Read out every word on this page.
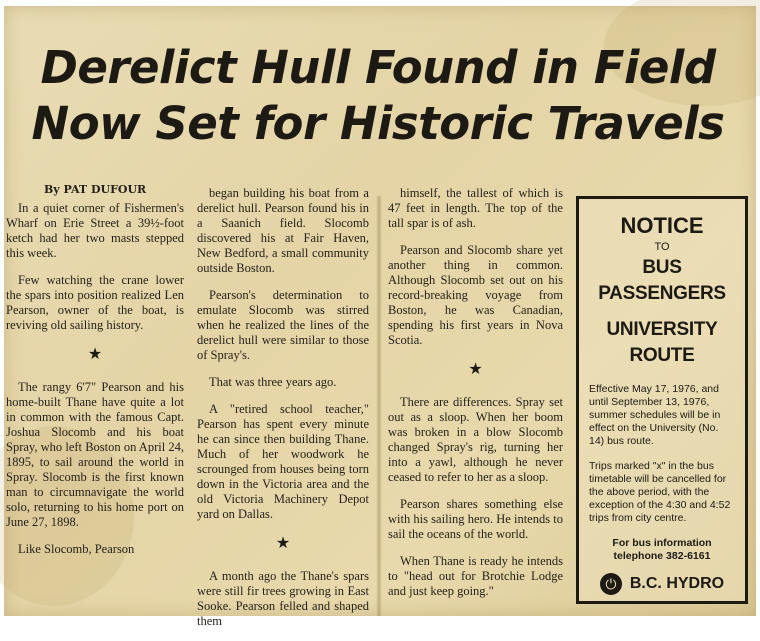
Derelict Hull Found in Field
Now Set for Historic Travels

By PAT DUFOUR

In a quiet corner of Fishermen's Wharf on Erie Street a 39½-foot ketch had her two masts stepped this week.

Few watching the crane lower the spars into position realized Len Pearson, owner of the boat, is reviving old sailing history.

★

The rangy 6'7" Pearson and his home-built Thane have quite a lot in common with the famous Capt. Joshua Slocomb and his boat Spray, who left Boston on April 24, 1895, to sail around the world in Spray. Slocomb is the first known man to circumnavigate the world solo, returning to his home port on June 27, 1898.

Like Slocomb, Pearson

began building his boat from a derelict hull. Pearson found his in a Saanich field. Slocomb discovered his at Fair Haven, New Bedford, a small community outside Boston.

Pearson's determination to emulate Slocomb was stirred when he realized the lines of the derelict hull were similar to those of Spray's.

That was three years ago.

A "retired school teacher," Pearson has spent every minute he can since then building Thane. Much of her woodwork he scrounged from houses being torn down in the Victoria area and the old Victoria Machinery Depot yard on Dallas.

★

A month ago the Thane's spars were still fir trees growing in East Sooke. Pearson felled and shaped them

himself, the tallest of which is 47 feet in length. The top of the tall spar is of ash.

Pearson and Slocomb share yet another thing in common. Although Slocomb set out on his record-breaking voyage from Boston, he was Canadian, spending his first years in Nova Scotia.

★

There are differences. Spray set out as a sloop. When her boom was broken in a blow Slocomb changed Spray's rig, turning her into a yawl, although he never ceased to refer to her as a sloop.

Pearson shares something else with his sailing hero. He intends to sail the oceans of the world.

When Thane is ready he intends to "head out for Brotchie Lodge and just keep going."

NOTICE

TO

BUS PASSENGERS

UNIVERSITY

ROUTE

Effective May 17, 1976, and until September 13, 1976, summer schedules will be in effect on the University (No. 14) bus route.

Trips marked "x" in the bus timetable will be cancelled for the above period, with the exception of the 4:30 and 4:52 trips from city centre.

For bus information
telephone 382-6161

⏻ B.C. HYDRO
